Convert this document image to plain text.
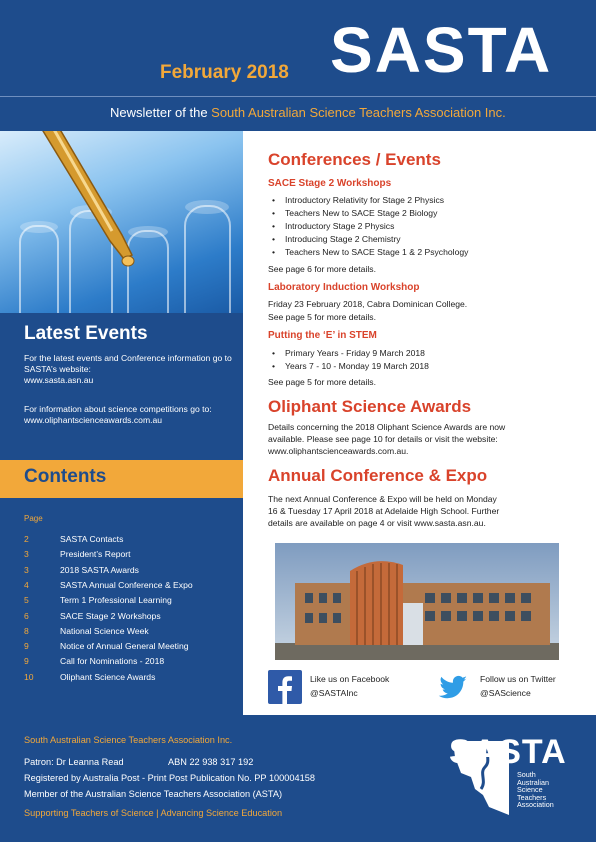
February 2018 SASTA
Newsletter of the South Australian Science Teachers Association Inc.
Latest Events
For the latest events and Conference information go to SASTA’s website:
www.sasta.asn.au
For information about science competitions go to:
www.oliphantscienceawards.com.au
Contents
Page
2	SASTA Contacts
3	President’s Report
3	2018 SASTA Awards
4	SASTA Annual Conference & Expo
5	Term 1 Professional Learning
6	SACE Stage 2 Workshops
8	National Science Week
9	Notice of Annual General Meeting
9	Call for Nominations - 2018
10	Oliphant Science Awards
Conferences / Events
SACE Stage 2 Workshops
Introductory Relativity for Stage 2 Physics
Teachers New to SACE Stage 2 Biology
Introductory Stage 2 Physics
Introducing Stage 2 Chemistry
Teachers New to SACE Stage 1 & 2 Psychology
See page 6 for more details.
Laboratory Induction Workshop
Friday 23 February 2018, Cabra Dominican College.
See page 5 for more details.
Putting the ‘E’ in STEM
Primary Years - Friday 9 March 2018
Years 7 - 10 - Monday 19 March 2018
See page 5 for more details.
Oliphant Science Awards
Details concerning the 2018 Oliphant Science Awards are now
available. Please see page 10 for details or visit the website:
www.oliphantscienceawards.com.au.
Annual Conference & Expo
The next Annual Conference & Expo will be held on Monday
16 & Tuesday 17 April 2018 at Adelaide High School. Further
details are available on page 4 or visit www.sasta.asn.au.
Like us on Facebook
@SASTAInc
Follow us on Twitter
@SAScience
South Australian Science Teachers Association Inc.
Patron: Dr Leanna Read	ABN 22 938 317 192
Registered by Australia Post - Print Post Publication No. PP 100004158
Member of the Australian Science Teachers Association (ASTA)
Supporting Teachers of Science | Advancing Science Education
SASTA
South
Australian
Science
Teachers
Association
